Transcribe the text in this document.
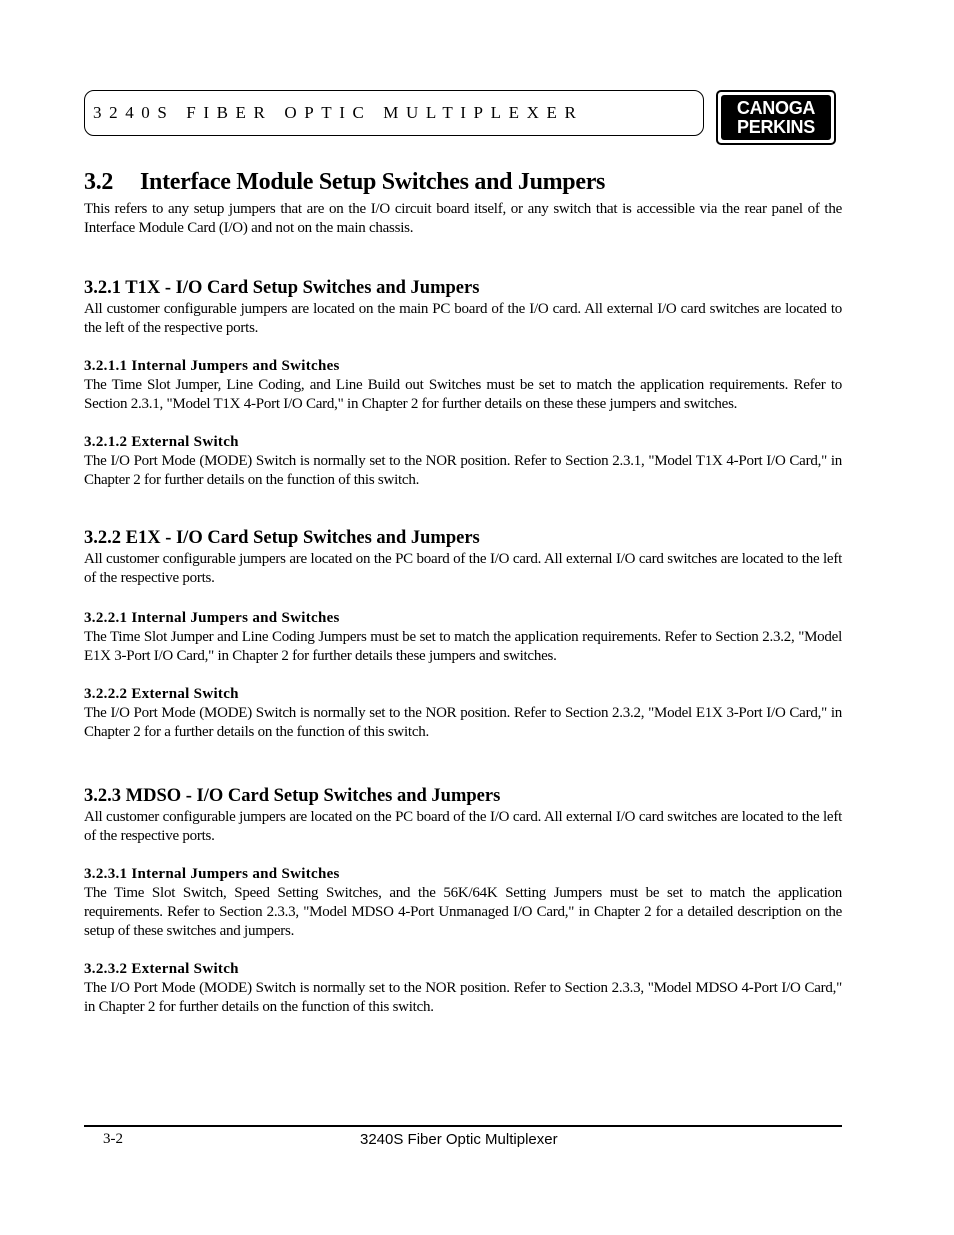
3240S FIBER OPTIC MULTIPLEXER	CANOGA
PERKINS
3.2	Interface Module Setup Switches and Jumpers

This refers to any setup jumpers that are on the I/O circuit board itself, or any switch that is accessible via the rear panel of the Interface Module Card (I/O) and not on the main chassis.

3.2.1 T1X - I/O Card Setup Switches and Jumpers

All customer configurable jumpers are located on the main PC board of the I/O card. All external I/O card switches are located to the left of the respective ports.

3.2.1.1 Internal Jumpers and Switches

The Time Slot Jumper, Line Coding, and Line Build out Switches must be set to match the application requirements. Refer to Section 2.3.1, "Model T1X 4-Port I/O Card," in Chapter 2 for further details on these these jumpers and switches.

3.2.1.2 External Switch

The I/O Port Mode (MODE) Switch is normally set to the NOR position. Refer to Section 2.3.1, "Model T1X 4-Port I/O Card," in Chapter 2 for further details on the function of this switch.

3.2.2 E1X - I/O Card Setup Switches and Jumpers

All customer configurable jumpers are located on the PC board of the I/O card. All external I/O card switches are located to the left of the respective ports.

3.2.2.1 Internal Jumpers and Switches

The Time Slot Jumper and Line Coding Jumpers must be set to match the application requirements. Refer to Section 2.3.2, "Model E1X 3-Port I/O Card," in Chapter 2 for further details these jumpers and switches.

3.2.2.2 External Switch

The I/O Port Mode (MODE) Switch is normally set to the NOR position. Refer to Section 2.3.2, "Model E1X 3-Port I/O Card," in Chapter 2 for a further details on the function of this switch.

3.2.3 MDSO - I/O Card Setup Switches and Jumpers

All customer configurable jumpers are located on the PC board of the I/O card. All external I/O card switches are located to the left of the respective ports.

3.2.3.1 Internal Jumpers and Switches

The Time Slot Switch, Speed Setting Switches, and the 56K/64K Setting Jumpers must be set to match the application requirements. Refer to Section 2.3.3, "Model MDSO 4-Port Unmanaged I/O Card," in Chapter 2 for a detailed description on the setup of these switches and jumpers.

3.2.3.2 External Switch

The I/O Port Mode (MODE) Switch is normally set to the NOR position. Refer to Section 2.3.3, "Model MDSO 4-Port I/O Card," in Chapter 2 for further details on the function of this switch.

3-2	3240S Fiber Optic Multiplexer
